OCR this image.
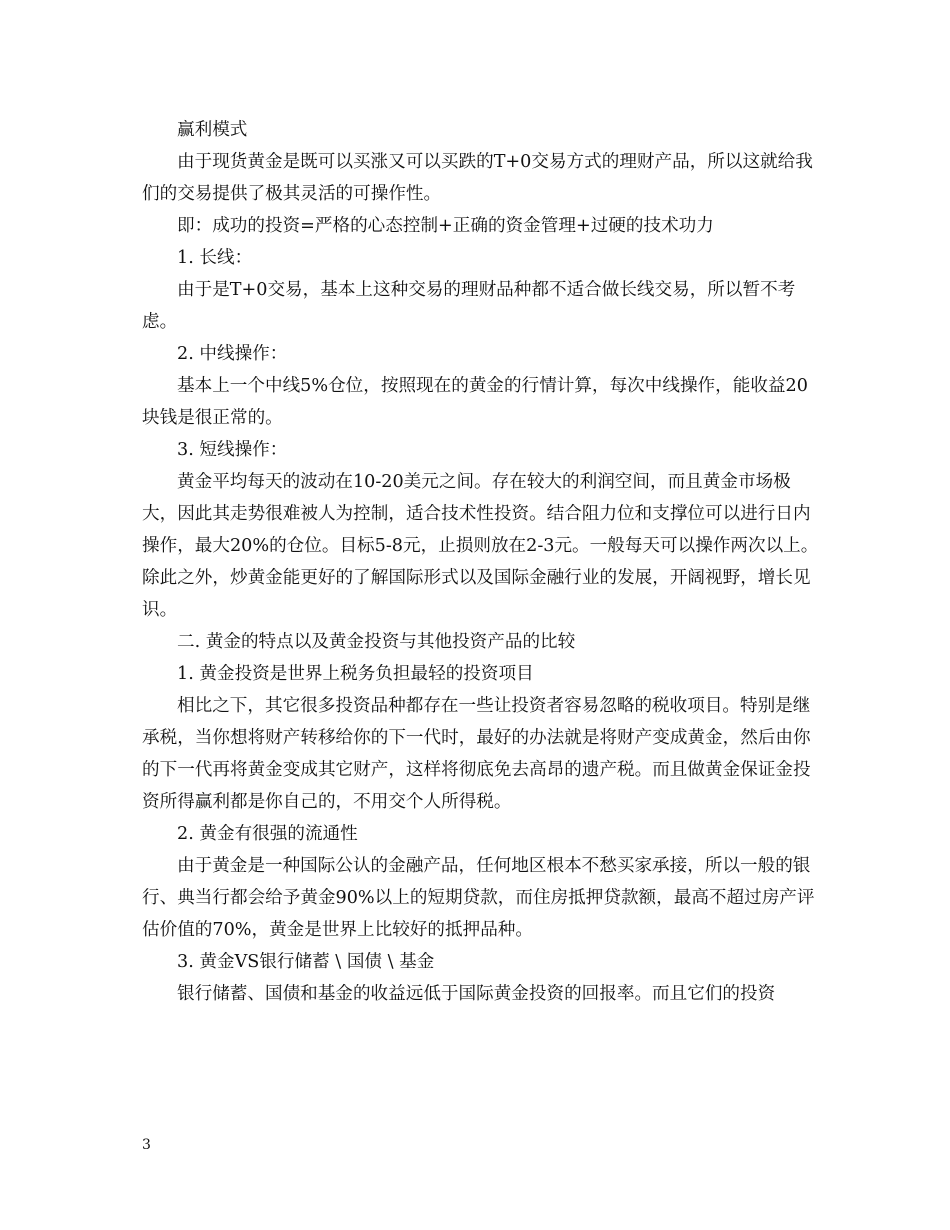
赢利模式

由于现货黄金是既可以买涨又可以买跌的T+0交易方式的理财产品，所以这就给我们的交易提供了极其灵活的可操作性。

即：成功的投资=严格的心态控制+正确的资金管理+过硬的技术功力

1. 长线：

由于是T+0交易，基本上这种交易的理财品种都不适合做长线交易，所以暂不考虑。

2. 中线操作：

基本上一个中线5%仓位，按照现在的黄金的行情计算，每次中线操作，能收益20块钱是很正常的。

3. 短线操作：

黄金平均每天的波动在10-20美元之间。存在较大的利润空间，而且黄金市场极大，因此其走势很难被人为控制，适合技术性投资。结合阻力位和支撑位可以进行日内操作，最大20%的仓位。目标5-8元，止损则放在2-3元。一般每天可以操作两次以上。 除此之外，炒黄金能更好的了解国际形式以及国际金融行业的发展，开阔视野，增长见识。

二. 黄金的特点以及黄金投资与其他投资产品的比较

1. 黄金投资是世界上税务负担最轻的投资项目

相比之下，其它很多投资品种都存在一些让投资者容易忽略的税收项目。特别是继承税，当你想将财产转移给你的下一代时，最好的办法就是将财产变成黄金，然后由你的下一代再将黄金变成其它财产，这样将彻底免去高昂的遗产税。而且做黄金保证金投资所得赢利都是你自己的，不用交个人所得税。

2. 黄金有很强的流通性

由于黄金是一种国际公认的金融产品，任何地区根本不愁买家承接，所以一般的银行、典当行都会给予黄金90%以上的短期贷款，而住房抵押贷款额，最高不超过房产评估价值的70%，黄金是世界上比较好的抵押品种。

3. 黄金VS银行储蓄 \ 国债 \ 基金

银行储蓄、国债和基金的收益远低于国际黄金投资的回报率。而且它们的投资

3
